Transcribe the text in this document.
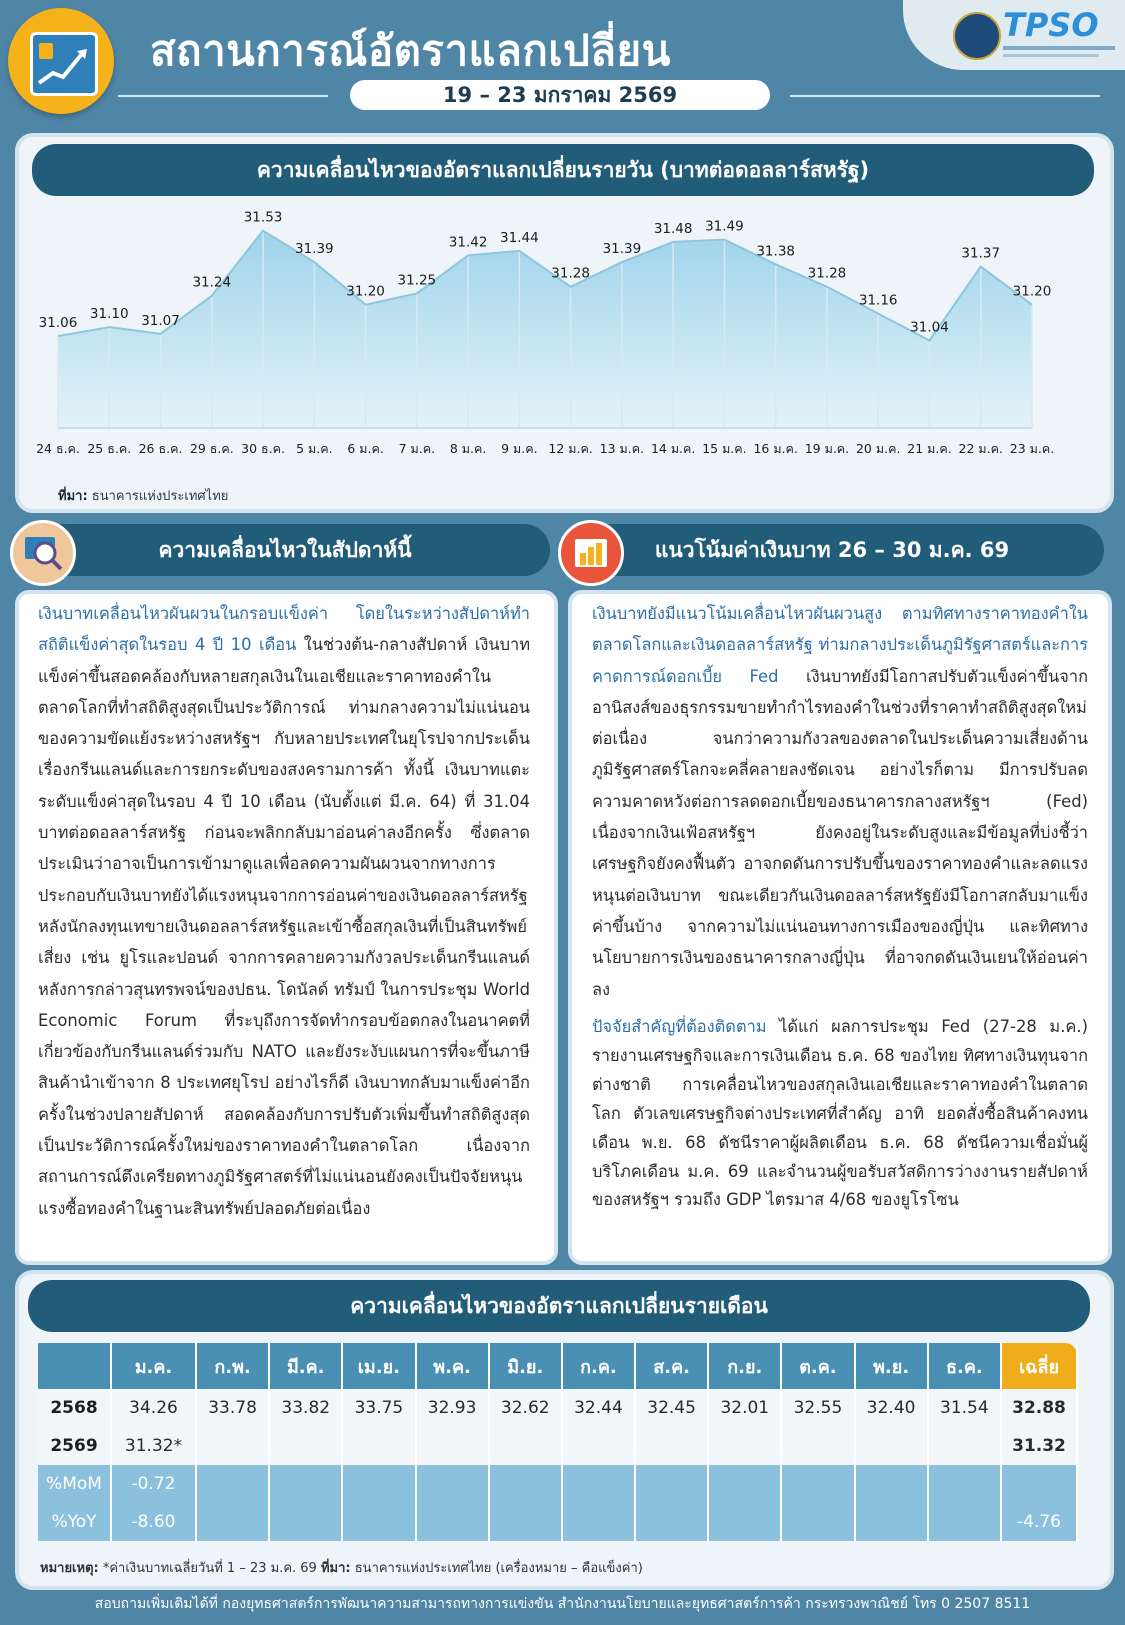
สถานการณ์อัตราแลกเปลี่ยน
19 – 23 มกราคม 2569
TPSO
ความเคลื่อนไหวของอัตราแลกเปลี่ยนรายวัน (บาทต่อดอลลาร์สหรัฐ)
31.06
31.10 31.07
31.24
31.53
31.39
31.20
31.25
31.42 31.44
31.28
31.39
31.48 31.49
31.38
31.28
31.16
31.04
31.37
31.20
24 ธ.ค. 25 ธ.ค. 26 ธ.ค. 29 ธ.ค. 30 ธ.ค. 5 ม.ค. 6 ม.ค. 7 ม.ค. 8 ม.ค. 9 ม.ค. 12 ม.ค. 13 ม.ค. 14 ม.ค. 15 ม.ค. 16 ม.ค. 19 ม.ค. 20 ม.ค. 21 ม.ค. 22 ม.ค. 23 ม.ค.
ที่มา: ธนาคารแห่งประเทศไทย
ความเคลื่อนไหวในสัปดาห์นี้
เงินบาทเคลื่อนไหวผันผวนในกรอบแข็งค่า โดยในระหว่างสัปดาห์ทำสถิติแข็งค่าสุดในรอบ 4 ปี 10 เดือน ในช่วงต้น-กลางสัปดาห์ เงินบาทแข็งค่าขึ้นสอดคล้องกับหลายสกุลเงินในเอเชียและราคาทองคำในตลาดโลกที่ทำสถิติสูงสุดเป็นประวัติการณ์ ท่ามกลางความไม่แน่นอนของความขัดแย้งระหว่างสหรัฐฯ กับหลายประเทศในยุโรปจากประเด็นเรื่องกรีนแลนด์และการยกระดับของสงครามการค้า ทั้งนี้ เงินบาทแตะระดับแข็งค่าสุดในรอบ 4 ปี 10 เดือน (นับตั้งแต่ มี.ค. 64) ที่ 31.04 บาทต่อดอลลาร์สหรัฐ ก่อนจะพลิกกลับมาอ่อนค่าลงอีกครั้ง ซึ่งตลาดประเมินว่าอาจเป็นการเข้ามาดูแลเพื่อลดความผันผวนจากทางการ ประกอบกับเงินบาทยังได้แรงหนุนจากการอ่อนค่าของเงินดอลลาร์สหรัฐ หลังนักลงทุนเทขายเงินดอลลาร์สหรัฐและเข้าซื้อสกุลเงินที่เป็นสินทรัพย์เสี่ยง เช่น ยูโรและปอนด์ จากการคลายความกังวลประเด็นกรีนแลนด์ หลังการกล่าวสุนทรพจน์ของปธน. โดนัลด์ ทรัมป์ ในการประชุม World Economic Forum ที่ระบุถึงการจัดทำกรอบข้อตกลงในอนาคตที่เกี่ยวข้องกับกรีนแลนด์ร่วมกับ NATO และยังระงับแผนการที่จะขึ้นภาษีสินค้านำเข้าจาก 8 ประเทศยุโรป อย่างไรก็ดี เงินบาทกลับมาแข็งค่าอีกครั้งในช่วงปลายสัปดาห์ สอดคล้องกับการปรับตัวเพิ่มขึ้นทำสถิติสูงสุดเป็นประวัติการณ์ครั้งใหม่ของราคาทองคำในตลาดโลก เนื่องจากสถานการณ์ตึงเครียดทางภูมิรัฐศาสตร์ที่ไม่แน่นอนยังคงเป็นปัจจัยหนุนแรงซื้อทองคำในฐานะสินทรัพย์ปลอดภัยต่อเนื่อง
แนวโน้มค่าเงินบาท 26 – 30 ม.ค. 69
เงินบาทยังมีแนวโน้มเคลื่อนไหวผันผวนสูง ตามทิศทางราคาทองคำในตลาดโลกและเงินดอลลาร์สหรัฐ ท่ามกลางประเด็นภูมิรัฐศาสตร์และการคาดการณ์ดอกเบี้ย Fed เงินบาทยังมีโอกาสปรับตัวแข็งค่าขึ้นจากอานิสงส์ของธุรกรรมขายทำกำไรทองคำในช่วงที่ราคาทำสถิติสูงสุดใหม่ต่อเนื่อง จนกว่าความกังวลของตลาดในประเด็นความเสี่ยงด้านภูมิรัฐศาสตร์โลกจะคลี่คลายลงชัดเจน อย่างไรก็ตาม มีการปรับลดความคาดหวังต่อการลดดอกเบี้ยของธนาคารกลางสหรัฐฯ (Fed) เนื่องจากเงินเฟ้อสหรัฐฯ ยังคงอยู่ในระดับสูงและมีข้อมูลที่บ่งชี้ว่าเศรษฐกิจยังคงฟื้นตัว อาจกดดันการปรับขึ้นของราคาทองคำและลดแรงหนุนต่อเงินบาท ขณะเดียวกันเงินดอลลาร์สหรัฐยังมีโอกาสกลับมาแข็งค่าขึ้นบ้าง จากความไม่แน่นอนทางการเมืองของญี่ปุ่น และทิศทางนโยบายการเงินของธนาคารกลางญี่ปุ่น ที่อาจกดดันเงินเยนให้อ่อนค่าลง
ปัจจัยสำคัญที่ต้องติดตาม ได้แก่ ผลการประชุม Fed (27-28 ม.ค.) รายงานเศรษฐกิจและการเงินเดือน ธ.ค. 68 ของไทย ทิศทางเงินทุนจากต่างชาติ การเคลื่อนไหวของสกุลเงินเอเชียและราคาทองคำในตลาดโลก ตัวเลขเศรษฐกิจต่างประเทศที่สำคัญ อาทิ ยอดสั่งซื้อสินค้าคงทนเดือน พ.ย. 68 ดัชนีราคาผู้ผลิตเดือน ธ.ค. 68 ดัชนีความเชื่อมั่นผู้บริโภคเดือน ม.ค. 69 และจำนวนผู้ขอรับสวัสดิการว่างงานรายสัปดาห์ของสหรัฐฯ รวมถึง GDP ไตรมาส 4/68 ของยูโรโซน
ความเคลื่อนไหวของอัตราแลกเปลี่ยนรายเดือน
	ม.ค.	ก.พ.	มี.ค.	เม.ย.	พ.ค.	มิ.ย.	ก.ค.	ส.ค.	ก.ย.	ต.ค.	พ.ย.	ธ.ค.	เฉลี่ย
2568	34.26	33.78	33.82	33.75	32.93	32.62	32.44	32.45	32.01	32.55	32.40	31.54	32.88
2569	31.32*												31.32
%MoM	-0.72												
%YoY	-8.60												-4.76
หมายเหตุ: *ค่าเงินบาทเฉลี่ยวันที่ 1 – 23 ม.ค. 69 ที่มา: ธนาคารแห่งประเทศไทย (เครื่องหมาย – คือแข็งค่า)
สอบถามเพิ่มเติมได้ที่ กองยุทธศาสตร์การพัฒนาความสามารถทางการแข่งขัน สำนักงานนโยบายและยุทธศาสตร์การค้า กระทรวงพาณิชย์ โทร 0 2507 8511
